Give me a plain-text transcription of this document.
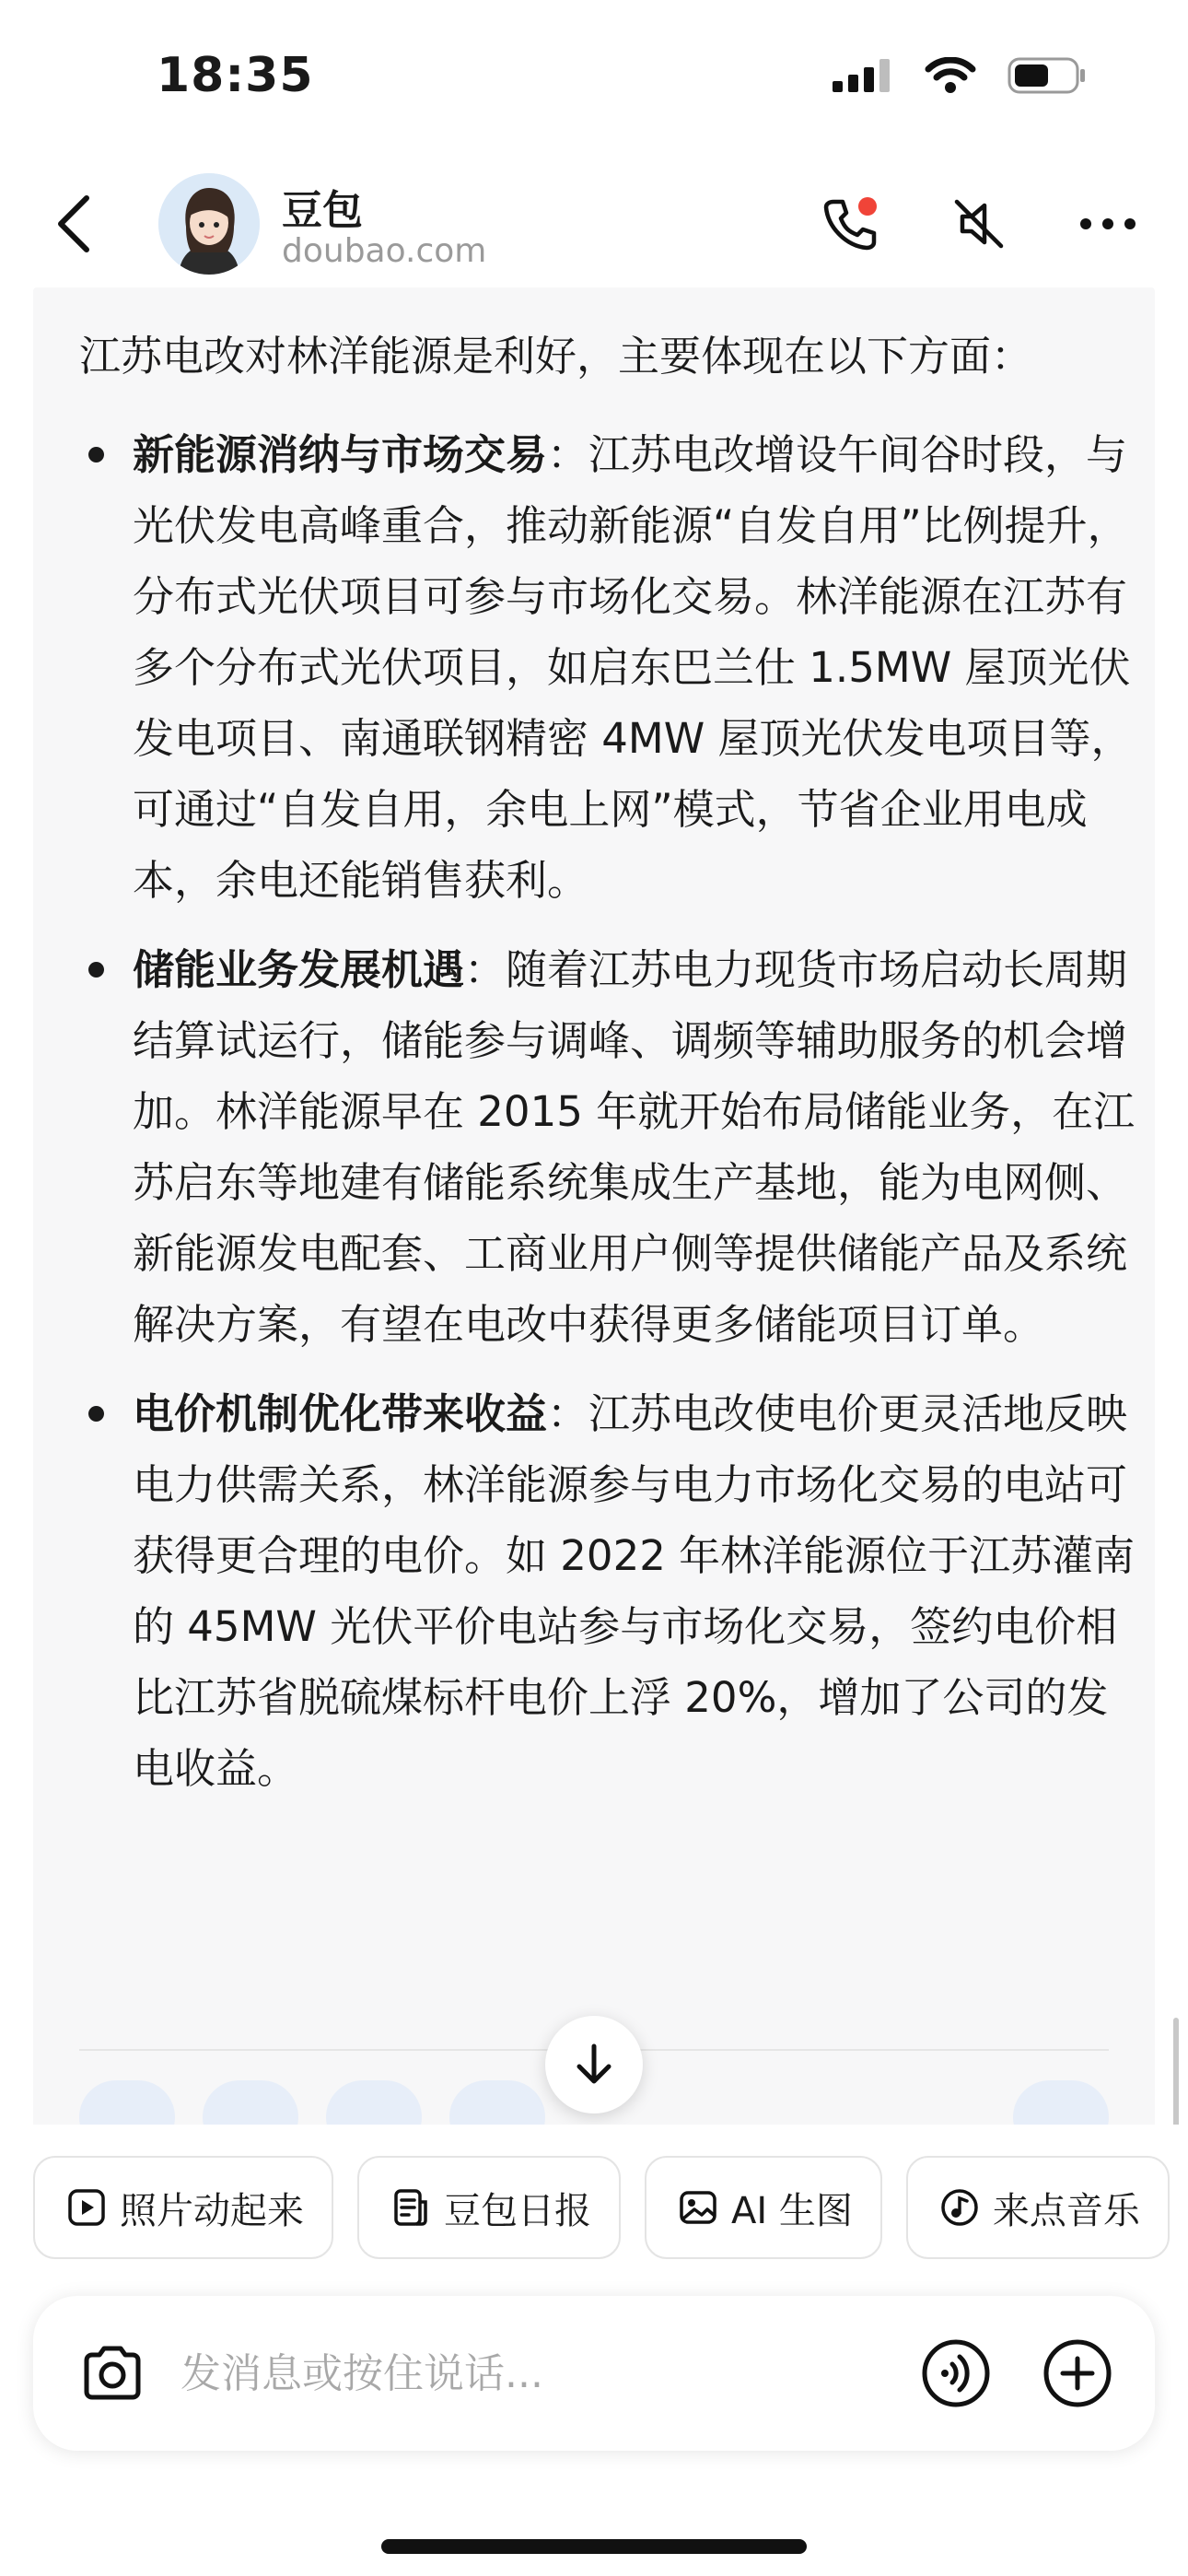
18:35
豆包
doubao.com

江苏电改对林洋能源是利好，主要体现在以下方面：

新能源消纳与市场交易：江苏电改增设午间谷时段，与光伏发电高峰重合，推动新能源“自发自用”比例提升，分布式光伏项目可参与市场化交易。林洋能源在江苏有多个分布式光伏项目，如启东巴兰仕 1.5MW 屋顶光伏发电项目、南通联钢精密 4MW 屋顶光伏发电项目等，可通过“自发自用，余电上网”模式，节省企业用电成本，余电还能销售获利。
储能业务发展机遇：随着江苏电力现货市场启动长周期结算试运行，储能参与调峰、调频等辅助服务的机会增加。林洋能源早在 2015 年就开始布局储能业务，在江苏启东等地建有储能系统集成生产基地，能为电网侧、新能源发电配套、工商业用户侧等提供储能产品及系统解决方案，有望在电改中获得更多储能项目订单。
电价机制优化带来收益：江苏电改使电价更灵活地反映电力供需关系，林洋能源参与电力市场化交易的电站可获得更合理的电价。如 2022 年林洋能源位于江苏灌南的 45MW 光伏平价电站参与市场化交易，签约电价相比江苏省脱硫煤标杆电价上浮 20%，增加了公司的发电收益。
照片动起来	豆包日报	AI 生图	来点音乐
发消息或按住说话...
